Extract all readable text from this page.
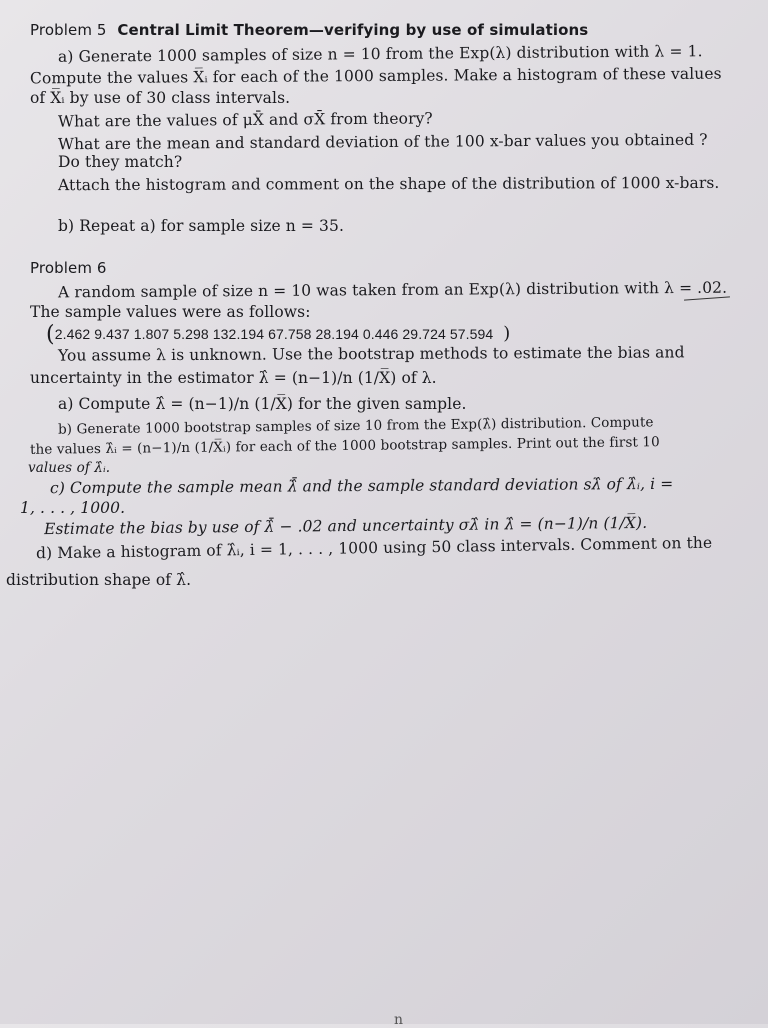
Problem 5 Central Limit Theorem—verifying by use of simulations
a) Generate 1000 samples of size n = 10 from the Exp(λ) distribution with λ = 1.
Compute the values X̅ᵢ for each of the 1000 samples. Make a histogram of these values
of X̅ᵢ by use of 30 class intervals.
What are the values of μX̄ and σX̄ from theory?
What are the mean and standard deviation of the 100 x-bar values you obtained ?
Do they match?
Attach the histogram and comment on the shape of the distribution of 1000 x-bars.
b) Repeat a) for sample size n = 35.
Problem 6
A random sample of size n = 10 was taken from an Exp(λ) distribution with λ = .02.
The sample values were as follows:
(2.462 9.437 1.807 5.298 132.194 67.758 28.194 0.446 29.724 57.594 )
You assume λ is unknown. Use the bootstrap methods to estimate the bias and
uncertainty in the estimator λ̂ = (n−1)/n (1/X̅) of λ.
a) Compute λ̂ = (n−1)/n (1/X̅) for the given sample.
b) Generate 1000 bootstrap samples of size 10 from the Exp(λ̂) distribution. Compute
the values λ̂ᵢ = (n−1)/n (1/X̅ᵢ) for each of the 1000 bootstrap samples. Print out the first 10
values of λ̂ᵢ.
c) Compute the sample mean λ̂̄ and the sample standard deviation sλ̂ of λ̂ᵢ, i =
1, . . . , 1000.
Estimate the bias by use of λ̂̄ − .02 and uncertainty σλ̂ in λ̂ = (n−1)/n (1/X̅).
d) Make a histogram of λ̂ᵢ, i = 1, . . . , 1000 using 50 class intervals. Comment on the
distribution shape of λ̂.
n
